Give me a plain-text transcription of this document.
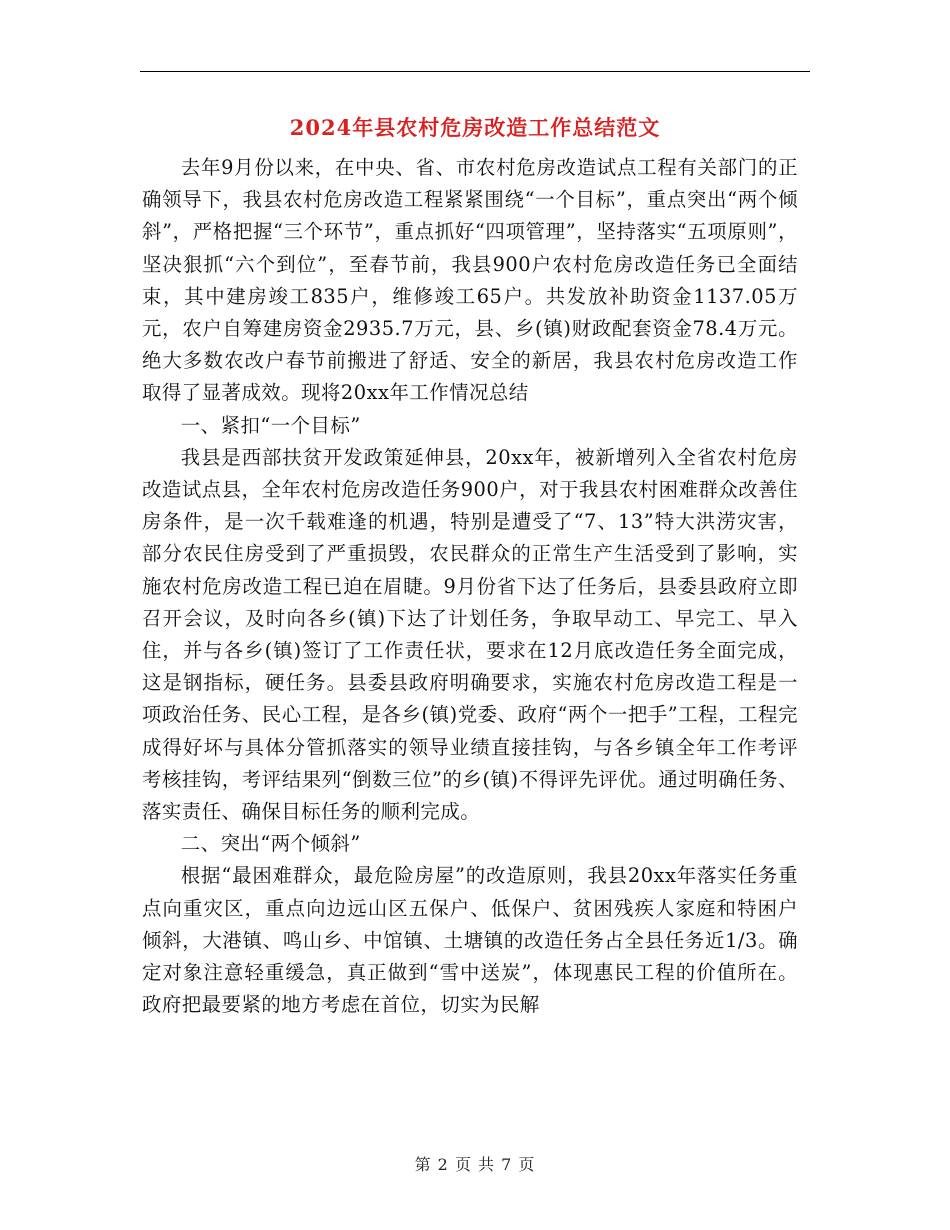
2024年县农村危房改造工作总结范文

去年9月份以来，在中央、省、市农村危房改造试点工程有关部门的正确领导下，我县农村危房改造工程紧紧围绕“一个目标”，重点突出“两个倾斜”，严格把握“三个环节”，重点抓好“四项管理”，坚持落实“五项原则”，坚决狠抓“六个到位”，至春节前，我县900户农村危房改造任务已全面结束，其中建房竣工835户，维修竣工65户。共发放补助资金1137.05万元，农户自筹建房资金2935.7万元，县、乡(镇)财政配套资金78.4万元。绝大多数农改户春节前搬进了舒适、安全的新居，我县农村危房改造工作取得了显著成效。现将20xx年工作情况总结

一、紧扣“一个目标”

我县是西部扶贫开发政策延伸县，20xx年，被新增列入全省农村危房改造试点县，全年农村危房改造任务900户，对于我县农村困难群众改善住房条件，是一次千载难逢的机遇，特别是遭受了“7、13”特大洪涝灾害，部分农民住房受到了严重损毁，农民群众的正常生产生活受到了影响，实施农村危房改造工程已迫在眉睫。9月份省下达了任务后，县委县政府立即召开会议，及时向各乡(镇)下达了计划任务，争取早动工、早完工、早入住，并与各乡(镇)签订了工作责任状，要求在12月底改造任务全面完成，这是钢指标，硬任务。县委县政府明确要求，实施农村危房改造工程是一项政治任务、民心工程，是各乡(镇)党委、政府“两个一把手”工程，工程完成得好坏与具体分管抓落实的领导业绩直接挂钩，与各乡镇全年工作考评考核挂钩，考评结果列“倒数三位”的乡(镇)不得评先评优。通过明确任务、落实责任、确保目标任务的顺利完成。

二、突出“两个倾斜”

根据“最困难群众，最危险房屋”的改造原则，我县20xx年落实任务重点向重灾区，重点向边远山区五保户、低保户、贫困残疾人家庭和特困户倾斜，大港镇、鸣山乡、中馆镇、土塘镇的改造任务占全县任务近1/3。确定对象注意轻重缓急，真正做到“雪中送炭”，体现惠民工程的价值所在。政府把最要紧的地方考虑在首位，切实为民解

第 2 页 共 7 页
